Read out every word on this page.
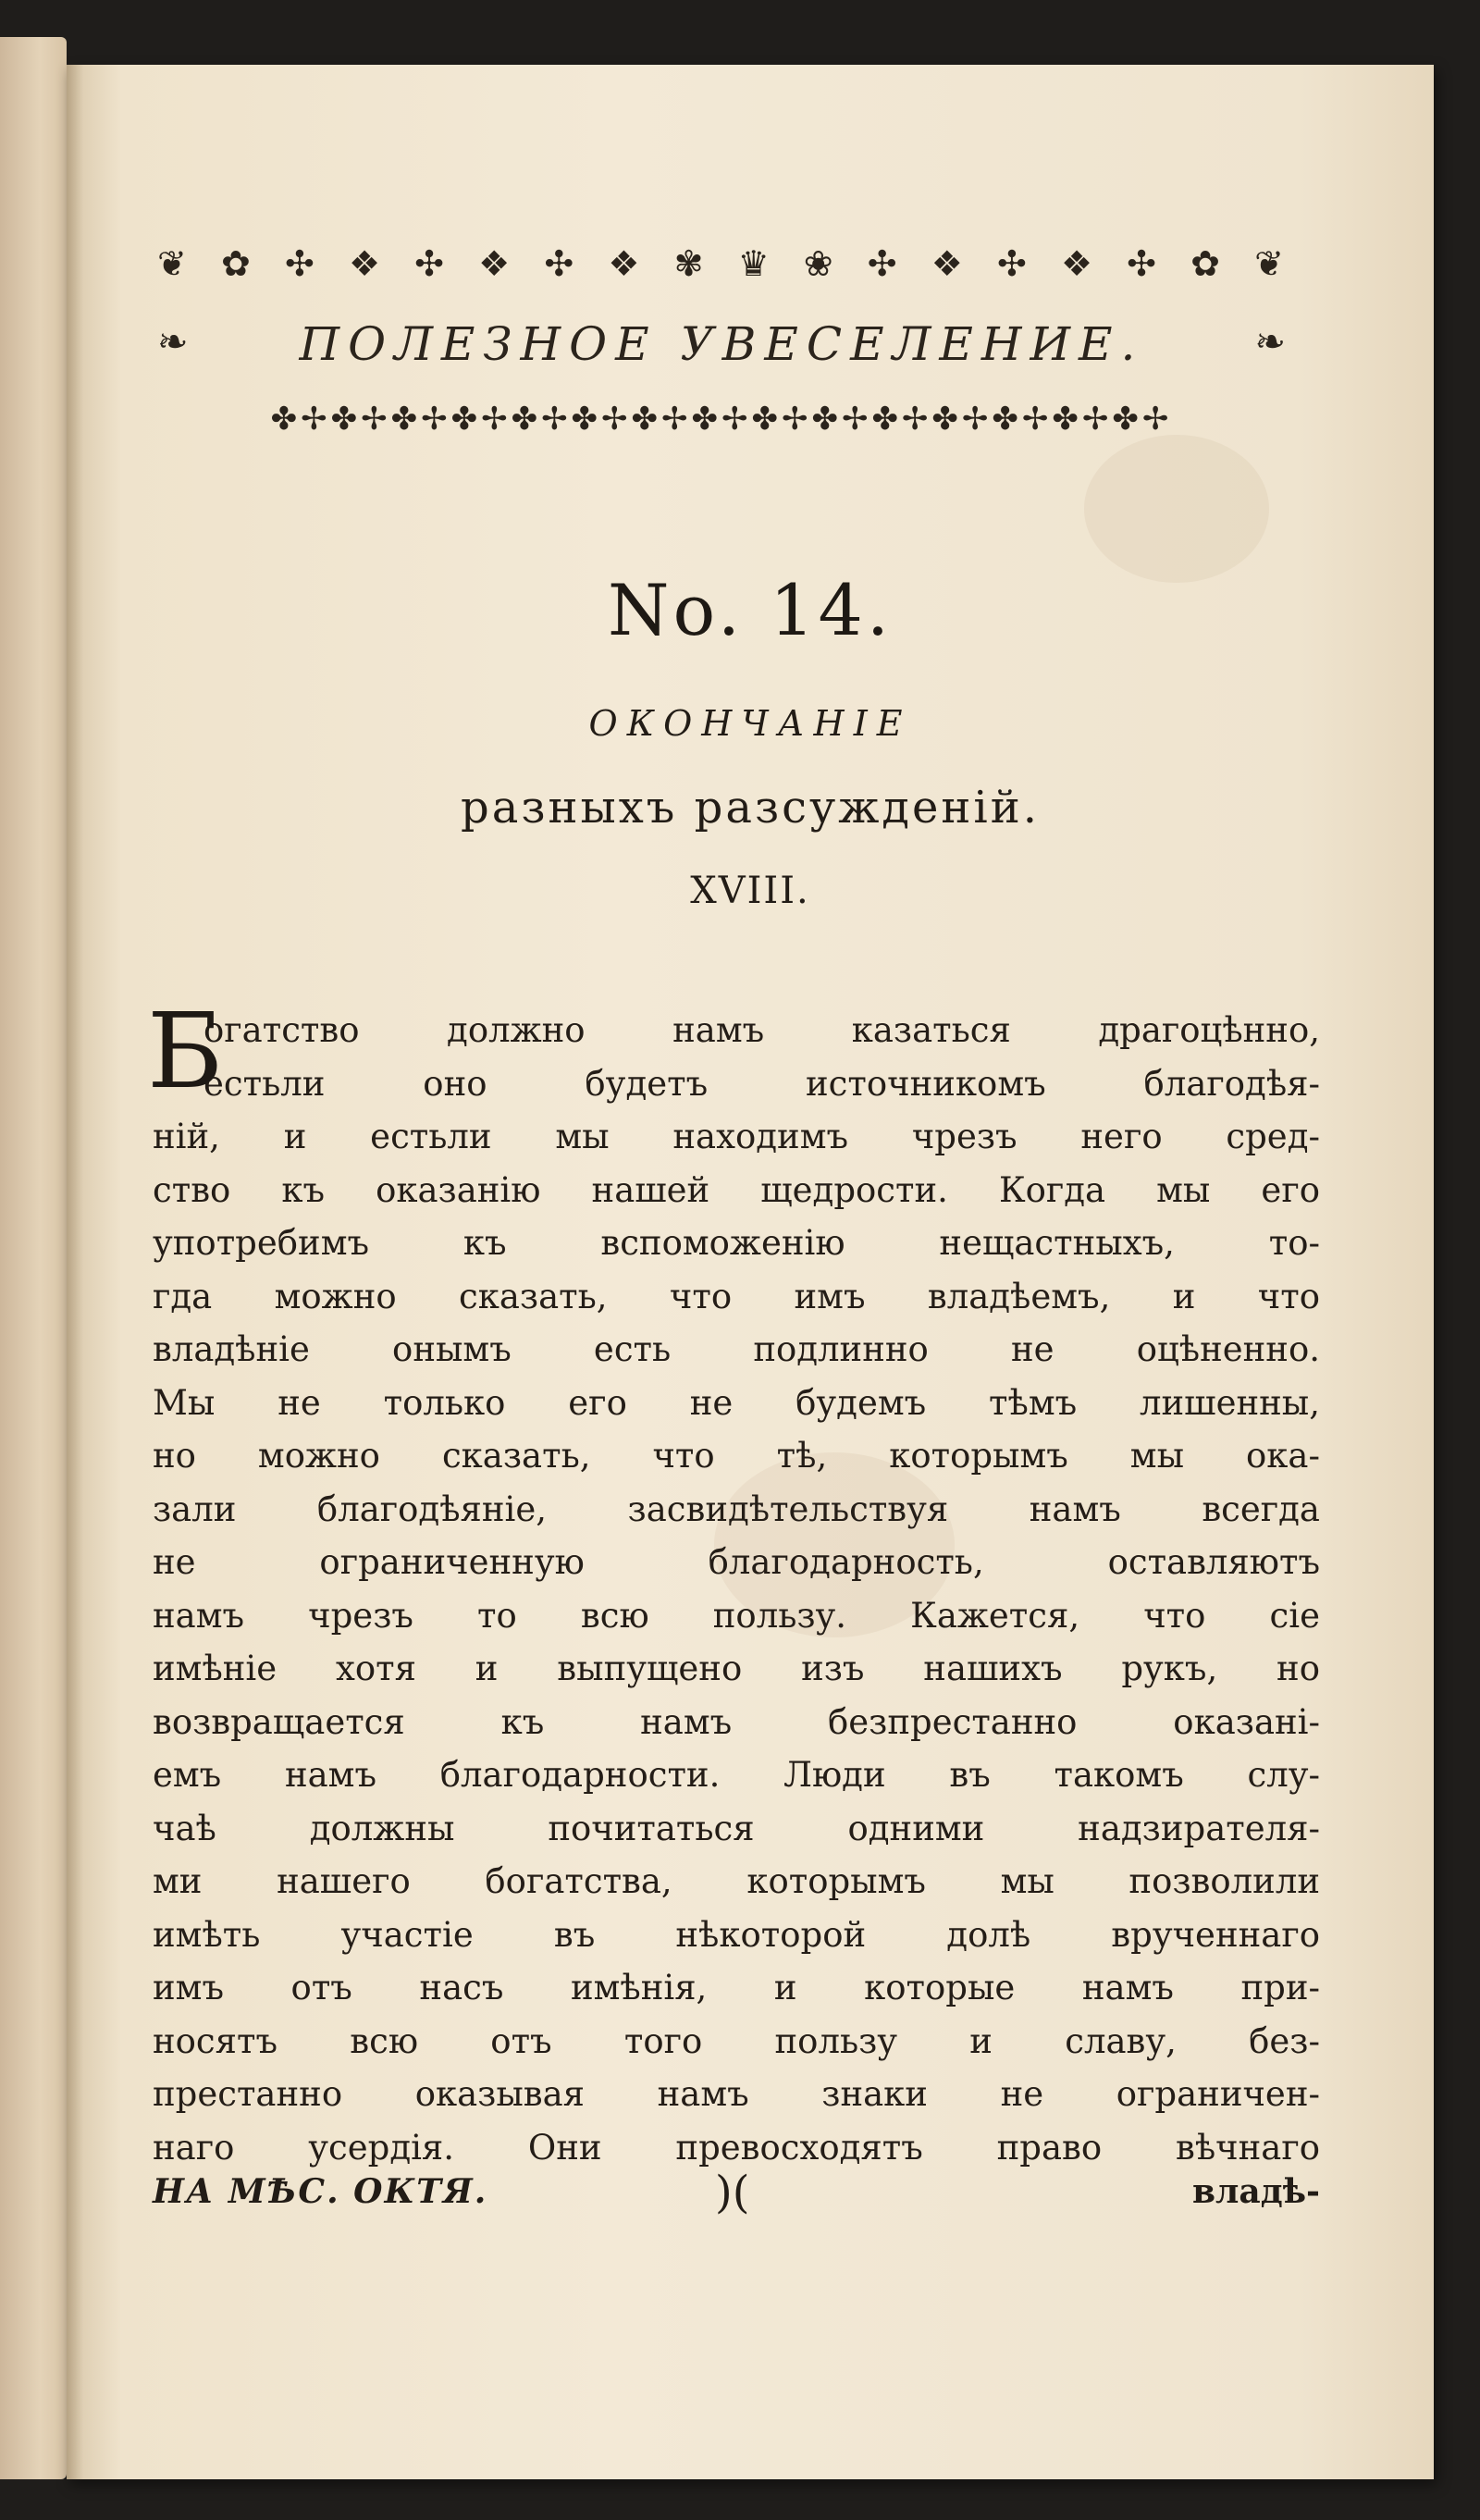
❦ ✿ ✣ ❖ ✣ ❖ ✣ ❖ ✾ ♛ ❀ ✣ ❖ ✣ ❖ ✣ ✿ ❦
❧	ПОЛЕЗНОЕ УВЕСЕЛЕНИЕ.	❧
✤✢✤✢✤✢✤✢✤✢✤✢✤✢✤✢✤✢✤✢✤✢✤✢✤✢✤✢✤✢
No. 14.
ОКОНЧАНIЕ
разныхъ разсужденiй.
XVIII.
Б
огатство должно намъ казаться драгоцѣнно,
естьли оно будетъ источникомъ благодѣя-
нiй, и естьли мы находимъ чрезъ него сред-
ство къ оказанiю нашей щедрости. Когда мы его
употребимъ къ вспоможенiю нещастныхъ, то-
гда можно сказать, что имъ владѣемъ, и что
владѣнiе онымъ есть подлинно не оцѣненно.
Мы не только его не будемъ тѣмъ лишенны,
но можно сказать, что тѣ, которымъ мы ока-
зали благодѣянiе, засвидѣтельствуя намъ всегда
не ограниченную благодарность, оставляютъ
намъ чрезъ то всю пользу. Кажется, что сiе
имѣнiе хотя и выпущено изъ нашихъ рукъ, но
возвращается къ намъ безпрестанно оказанi-
емъ намъ благодарности. Люди въ такомъ слу-
чаѣ должны почитаться одними надзирателя-
ми нашего богатства, которымъ мы позволили
имѣть участiе въ нѣкоторой долѣ врученнаго
имъ отъ насъ имѣнiя, и которые намъ при-
носятъ всю отъ того пользу и славу, без-
престанно оказывая намъ знаки не ограничен-
наго усердiя. Они превосходятъ право вѣчнаго
НА МѢС. ОКТЯ.	)(	владѣ-
